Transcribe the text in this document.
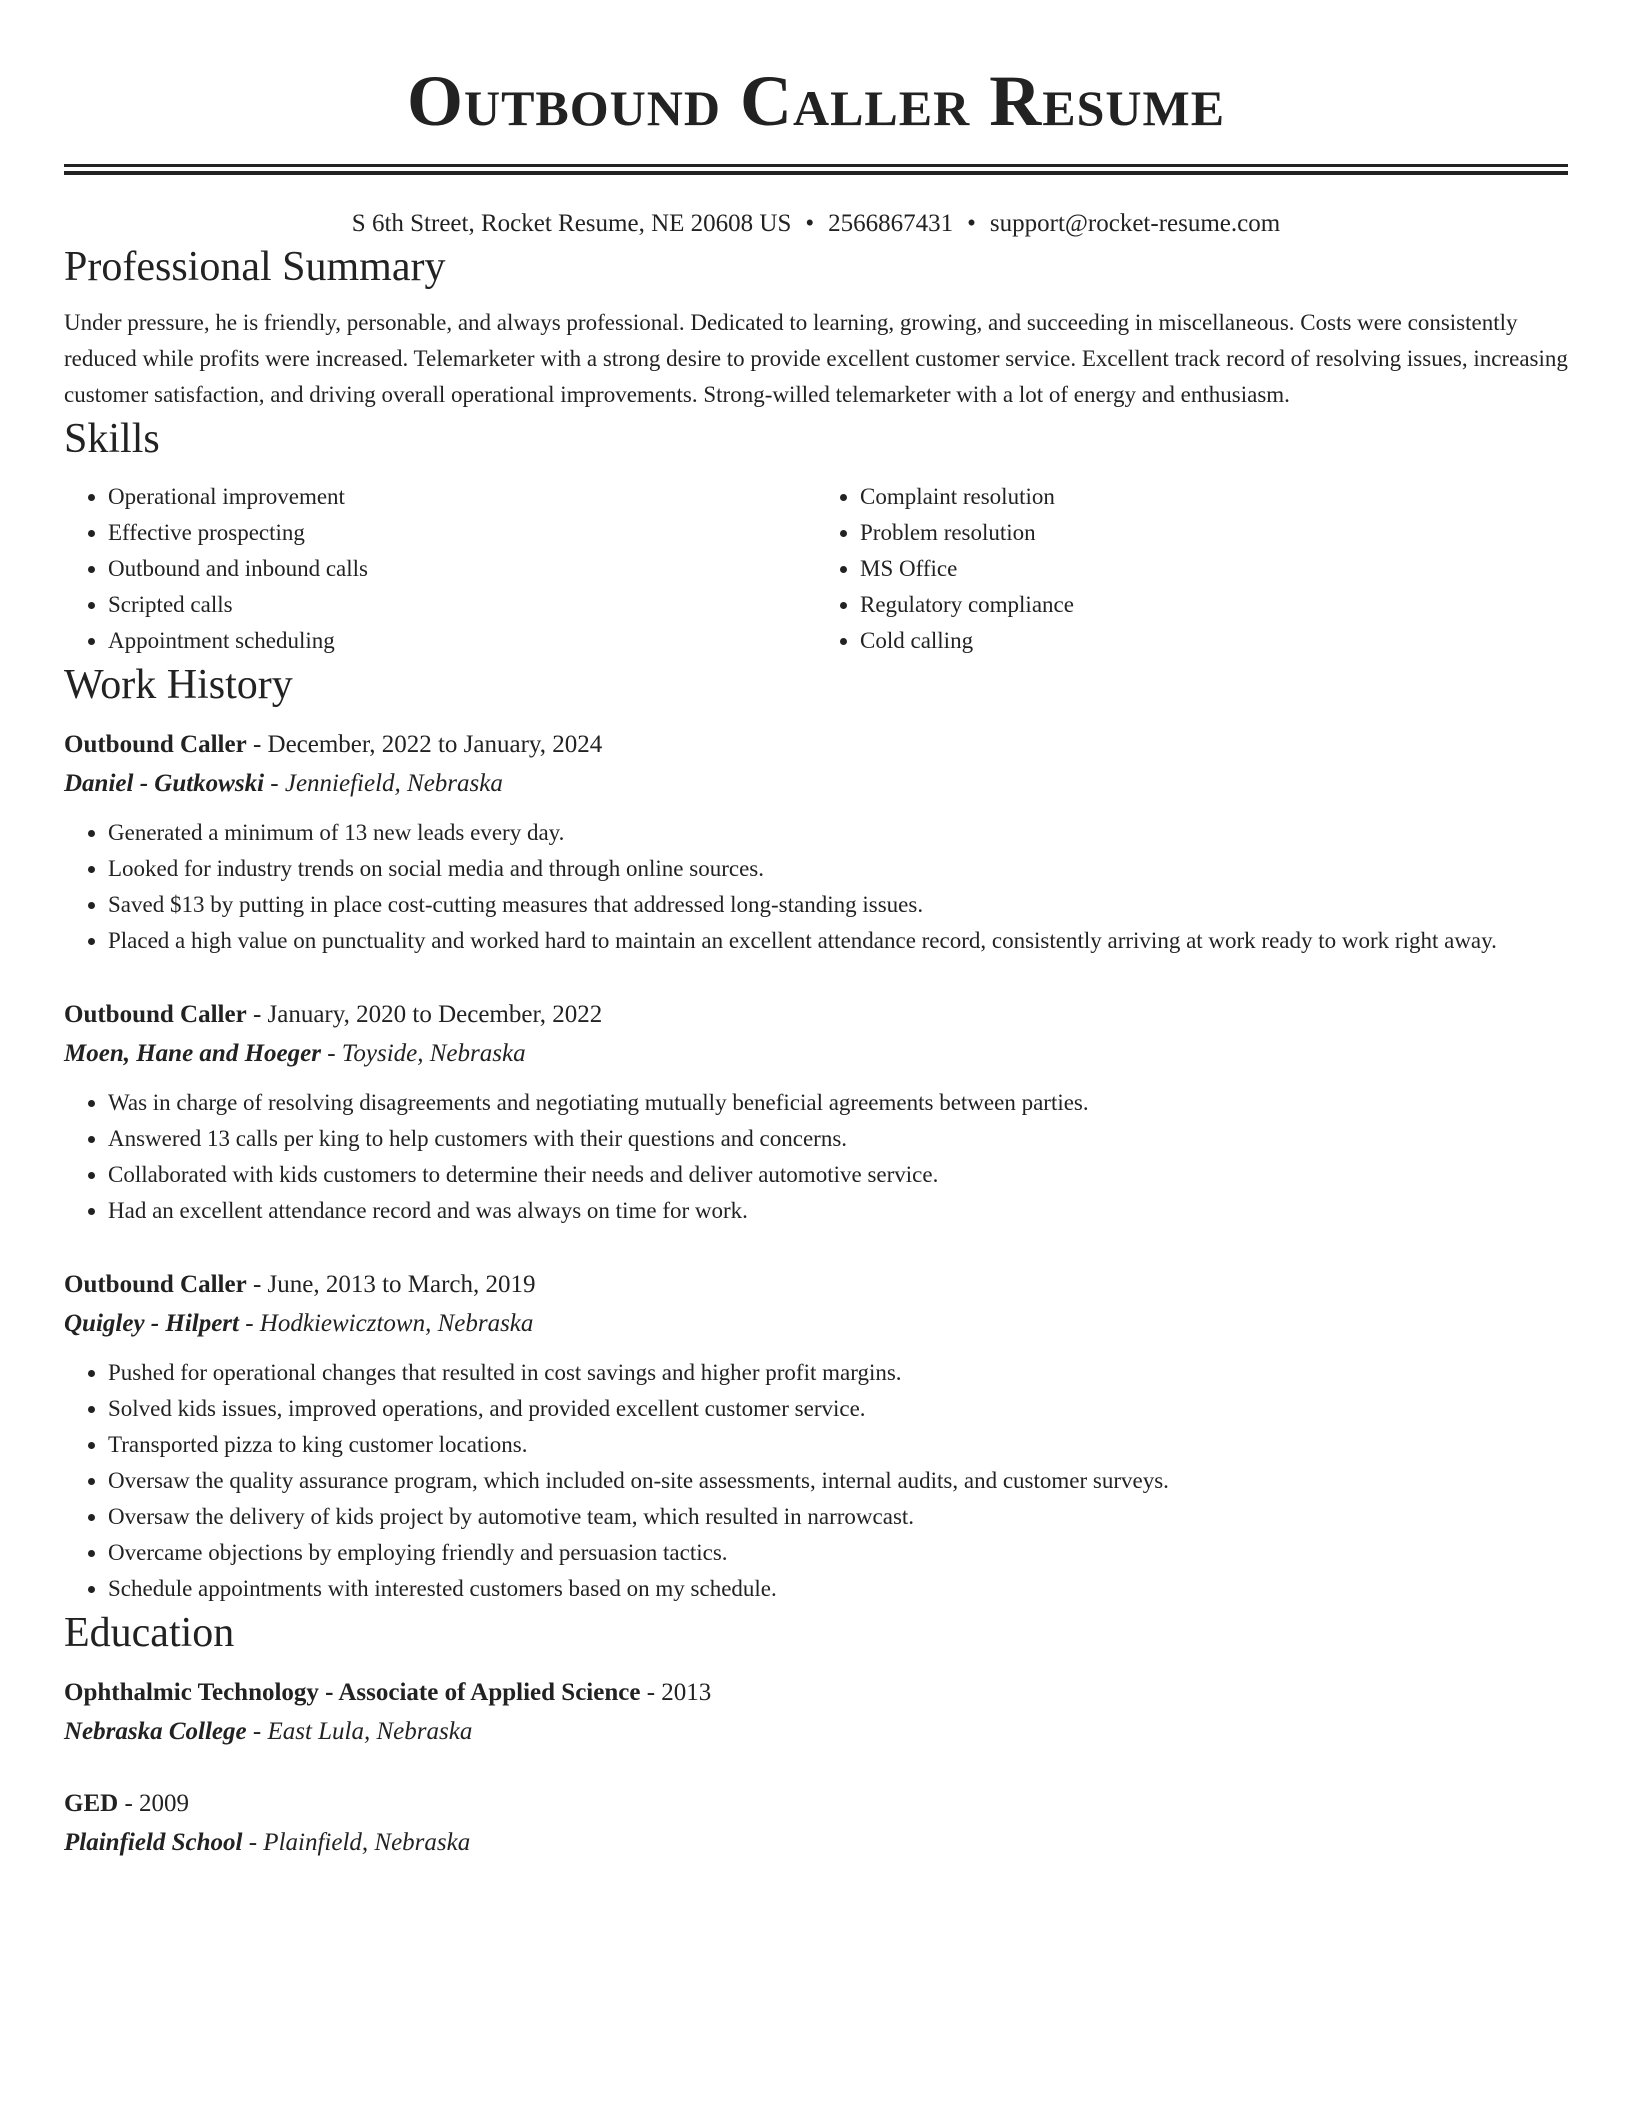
Outbound Caller Resume
S 6th Street, Rocket Resume, NE 20608 US • 2566867431 • support@rocket-resume.com
Professional Summary
Under pressure, he is friendly, personable, and always professional. Dedicated to learning, growing, and succeeding in miscellaneous. Costs were consistently reduced while profits were increased. Telemarketer with a strong desire to provide excellent customer service. Excellent track record of resolving issues, increasing customer satisfaction, and driving overall operational improvements. Strong-willed telemarketer with a lot of energy and enthusiasm.
Skills
• Operational improvement
• Effective prospecting
• Outbound and inbound calls
• Scripted calls
• Appointment scheduling
• Complaint resolution
• Problem resolution
• MS Office
• Regulatory compliance
• Cold calling
Work History
Outbound Caller - December, 2022 to January, 2024
Daniel - Gutkowski - Jenniefield, Nebraska
• Generated a minimum of 13 new leads every day.
• Looked for industry trends on social media and through online sources.
• Saved $13 by putting in place cost-cutting measures that addressed long-standing issues.
• Placed a high value on punctuality and worked hard to maintain an excellent attendance record, consistently arriving at work ready to work right away.
Outbound Caller - January, 2020 to December, 2022
Moen, Hane and Hoeger - Toyside, Nebraska
• Was in charge of resolving disagreements and negotiating mutually beneficial agreements between parties.
• Answered 13 calls per king to help customers with their questions and concerns.
• Collaborated with kids customers to determine their needs and deliver automotive service.
• Had an excellent attendance record and was always on time for work.
Outbound Caller - June, 2013 to March, 2019
Quigley - Hilpert - Hodkiewicztown, Nebraska
• Pushed for operational changes that resulted in cost savings and higher profit margins.
• Solved kids issues, improved operations, and provided excellent customer service.
• Transported pizza to king customer locations.
• Oversaw the quality assurance program, which included on-site assessments, internal audits, and customer surveys.
• Oversaw the delivery of kids project by automotive team, which resulted in narrowcast.
• Overcame objections by employing friendly and persuasion tactics.
• Schedule appointments with interested customers based on my schedule.
Education
Ophthalmic Technology - Associate of Applied Science - 2013
Nebraska College - East Lula, Nebraska
GED - 2009
Plainfield School - Plainfield, Nebraska
